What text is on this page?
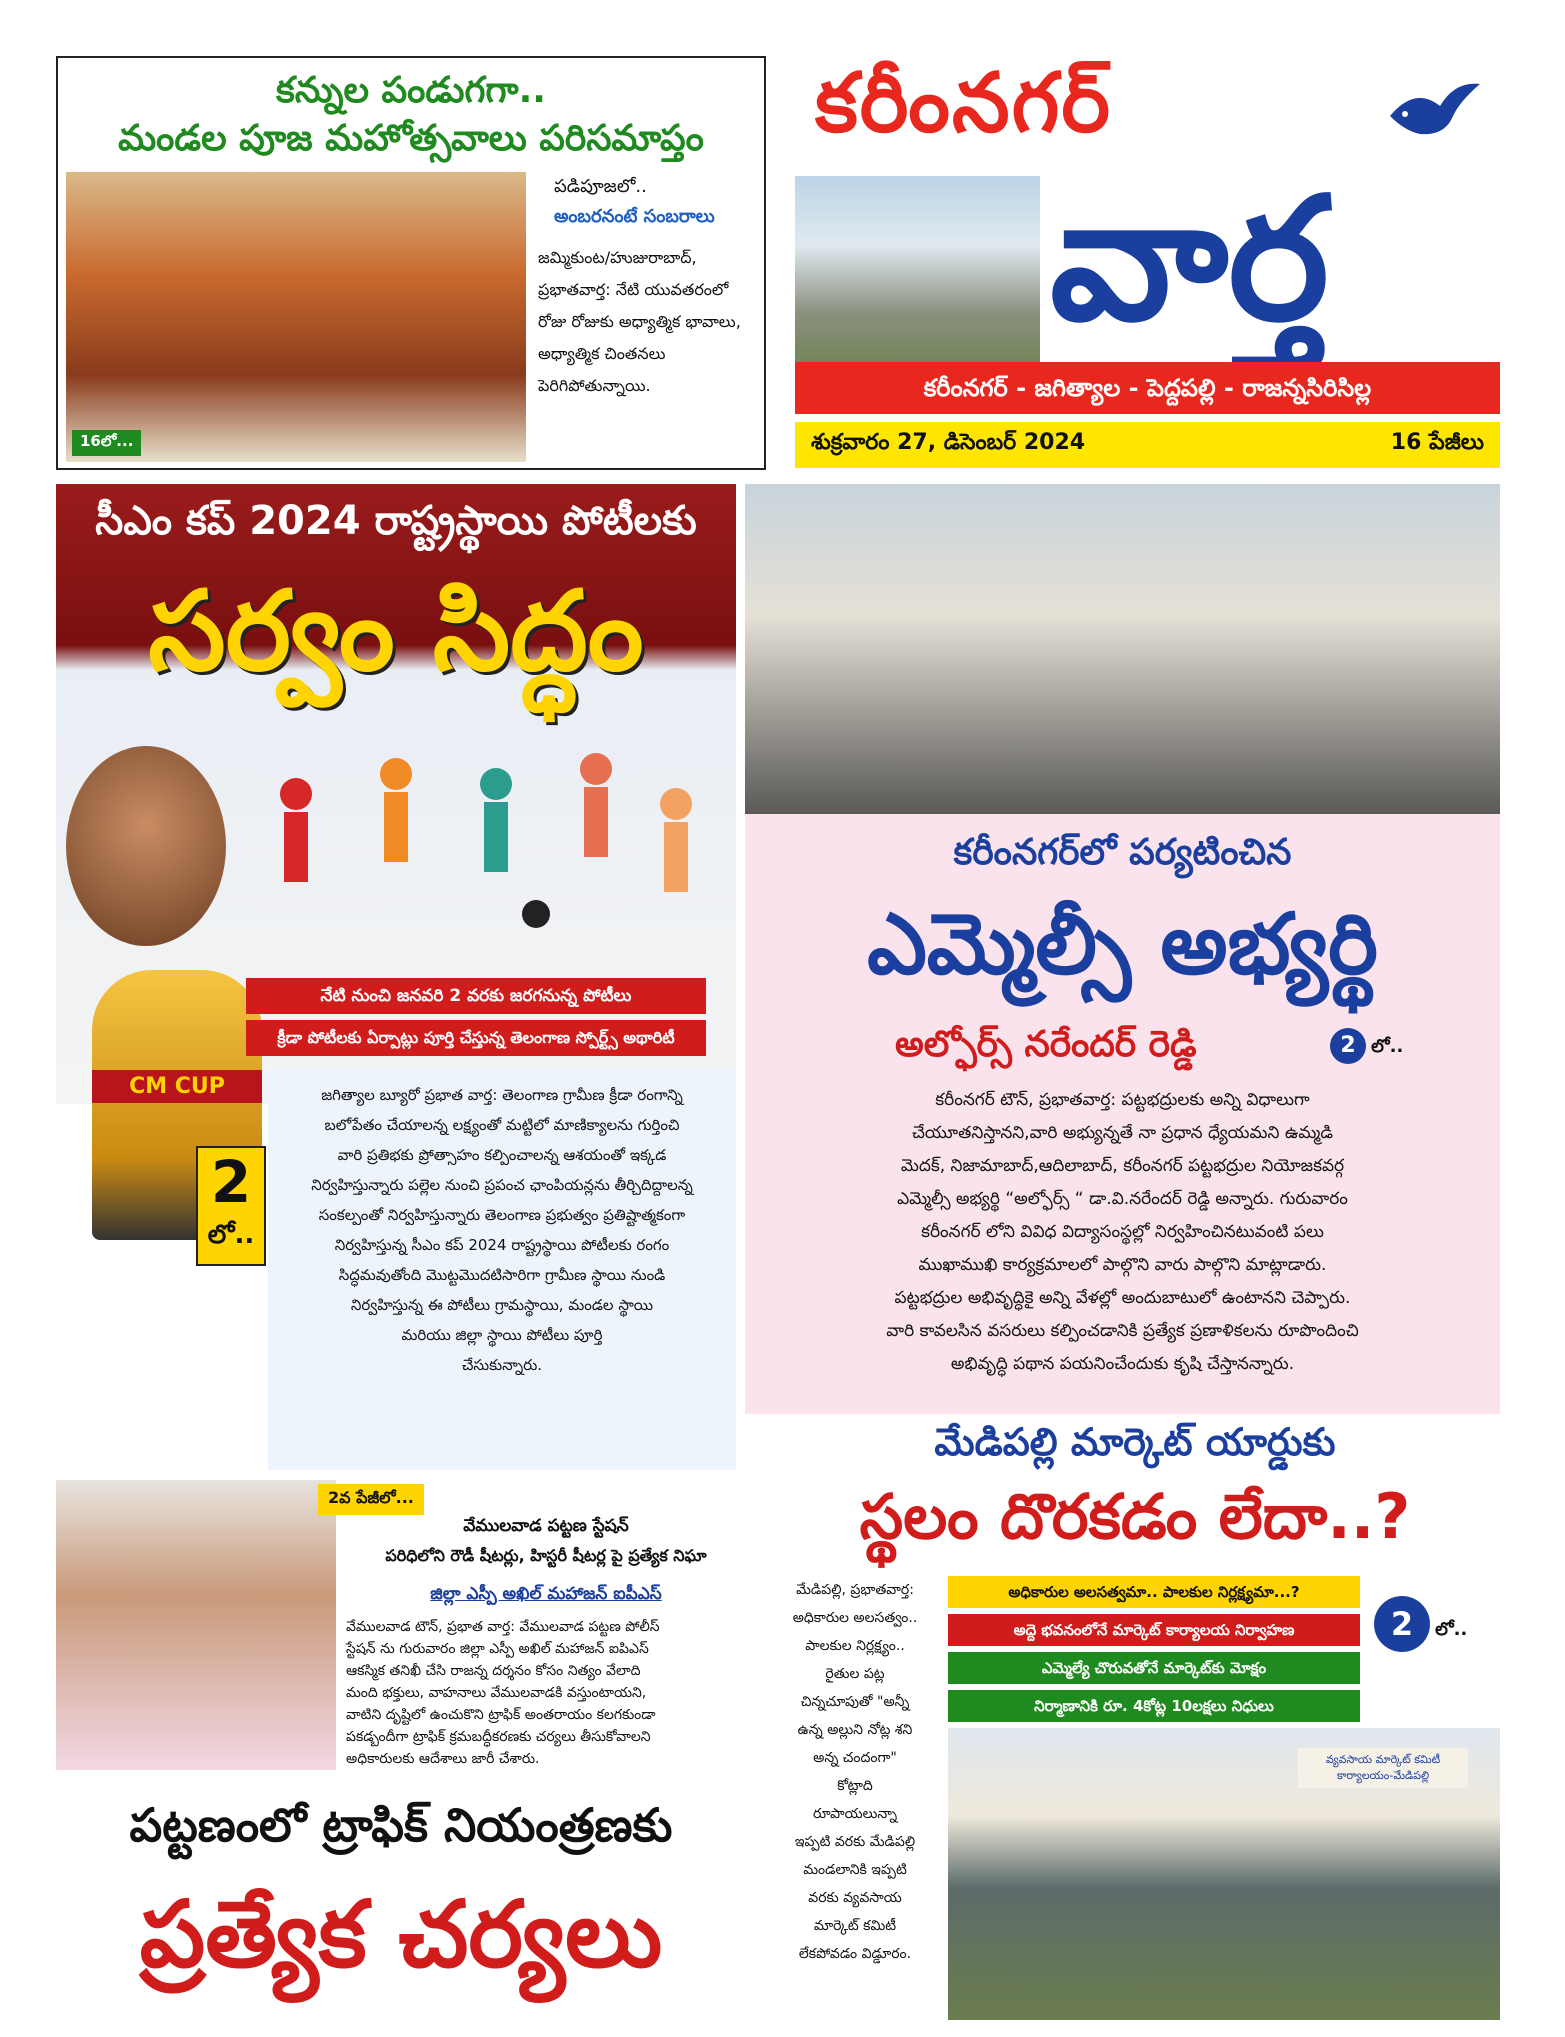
కన్నుల పండుగగా..
మండల పూజ మహోత్సవాలు పరిసమాప్తం
16లో...
పడిపూజలో..
అంబరనంటే సంబరాలు
జమ్మికుంట/హుజురాబాద్, ప్రభాతవార్త: నేటి యువతరంలో రోజు రోజుకు అధ్యాత్మిక భావాలు, అధ్యాత్మిక చింతనలు పెరిగిపోతున్నాయి.
కరీంనగర్
వార్త
కరీంనగర్ - జగిత్యాల - పెద్దపల్లి - రాజన్నసిరిసిల్ల
శుక్రవారం 27, డిసెంబర్ 2024	16 పేజీలు
సీఎం కప్ 2024 రాష్ట్రస్థాయి పోటీలకు
సర్వం సిద్ధం
CM CUP
నేటి నుంచి జనవరి 2 వరకు జరగనున్న పోటీలు
క్రీడా పోటీలకు ఏర్పాట్లు పూర్తి చేస్తున్న తెలంగాణ స్పోర్ట్స్ అథారిటీ
2
లో..
జగిత్యాల బ్యూరో ప్రభాత వార్త: తెలంగాణ గ్రామీణ క్రీడా రంగాన్ని
బలోపేతం చేయాలన్న లక్ష్యంతో మట్టిలో మాణిక్యాలను గుర్తించి
వారి ప్రతిభకు ప్రోత్సాహం కల్పించాలన్న ఆశయంతో ఇక్కడ
నిర్వహిస్తున్నారు పల్లెల నుంచి ప్రపంచ ఛాంపియన్లను తీర్చిదిద్దాలన్న
సంకల్పంతో నిర్వహిస్తున్నారు తెలంగాణ ప్రభుత్వం ప్రతిష్టాత్మకంగా
నిర్వహిస్తున్న సీఎం కప్ 2024 రాష్ట్రస్థాయి పోటీలకు రంగం
సిద్ధమవుతోంది మొట్టమొదటిసారిగా గ్రామీణ స్థాయి నుండి
నిర్వహిస్తున్న ఈ పోటీలు గ్రామస్థాయి, మండల స్థాయి
మరియు జిల్లా స్థాయి పోటీలు పూర్తి
చేసుకున్నారు.
కరీంనగర్‌లో పర్యటించిన
ఎమ్మెల్సీ అభ్యర్థి
అల్ఫోర్స్ నరేందర్ రెడ్డి	2 లో..
కరీంనగర్ టౌన్, ప్రభాతవార్త: పట్టభద్రులకు అన్ని విధాలుగా
చేయూతనిస్తానని,వారి అభ్యున్నతే నా ప్రధాన ధ్యేయమని ఉమ్మడి
మెదక్, నిజామాబాద్,ఆదిలాబాద్, కరీంనగర్ పట్టభద్రుల నియోజకవర్గ
ఎమ్మెల్సీ అభ్యర్థి “అల్ఫోర్స్ “ డా.వి.నరేందర్ రెడ్డి అన్నారు. గురువారం
కరీంనగర్ లోని వివిధ విద్యాసంస్థల్లో నిర్వహించినటువంటి పలు
ముఖాముఖి కార్యక్రమాలలో పాల్గొని వారు పాల్గొని మాట్లాడారు.
పట్టభద్రుల అభివృద్ధికై అన్ని వేళల్లో అందుబాటులో ఉంటానని చెప్పారు.
వారి కావలసిన వసరులు కల్పించడానికి ప్రత్యేక ప్రణాళికలను రూపొందించి
అభివృద్ధి పథాన పయనించేందుకు కృషి చేస్తానన్నారు.
2వ పేజీలో...
వేములవాడ పట్టణ స్టేషన్
పరిధిలోని రౌడీ షీటర్లు, హిస్టరీ షీటర్ల పై ప్రత్యేక నిఘా
జిల్లా ఎస్పీ అఖిల్ మహాజన్ ఐపీఎస్
వేములవాడ టౌన్, ప్రభాత వార్త: వేములవాడ పట్టణ పోలీస్
స్టేషన్ ను గురువారం జిల్లా ఎస్పీ అఖిల్ మహాజన్ ఐపిఎస్
ఆకస్మిక తనిఖీ చేసి రాజన్న దర్శనం కోసం నిత్యం వేలాది
మంది భక్తులు, వాహనాలు వేములవాడకి వస్తుంటాయని,
వాటిని దృష్టిలో ఉంచుకొని ట్రాఫిక్ అంతరాయం కలగకుండా
పకడ్బందీగా ట్రాఫిక్ క్రమబద్ధీకరణకు చర్యలు తీసుకోవాలని
అధికారులకు ఆదేశాలు జారీ చేశారు.
పట్టణంలో ట్రాఫిక్ నియంత్రణకు
ప్రత్యేక చర్యలు
మేడిపల్లి మార్కెట్ యార్డుకు
స్థలం దొరకడం లేదా..?
మేడిపల్లి, ప్రభాతవార్త:
అధికారుల అలసత్వం..
పాలకుల నిర్లక్ష్యం..
రైతుల పట్ల
చిన్నచూపుతో "అన్నీ
ఉన్న అల్లుని నోట్ల శని
అన్న చందంగా"
కోట్లాది
రూపాయలున్నా
ఇప్పటి వరకు మేడిపల్లి
మండలానికి ఇప్పటి
వరకు వ్యవసాయ
మార్కెట్ కమిటీ
లేకపోవడం విడ్డూరం.
అధికారుల అలసత్వమా.. పాలకుల నిర్లక్ష్యమా...?
అద్దె భవనంలోనే మార్కెట్ కార్యాలయ నిర్వాహణ
ఎమ్మెల్యే చొరువతోనే మార్కెట్‌కు మోక్షం
నిర్మాణానికి రూ. 4కోట్ల 10లక్షలు నిధులు
2 లో..
వ్యవసాయ మార్కెట్ కమిటీ కార్యాలయం-మేడిపల్లి
